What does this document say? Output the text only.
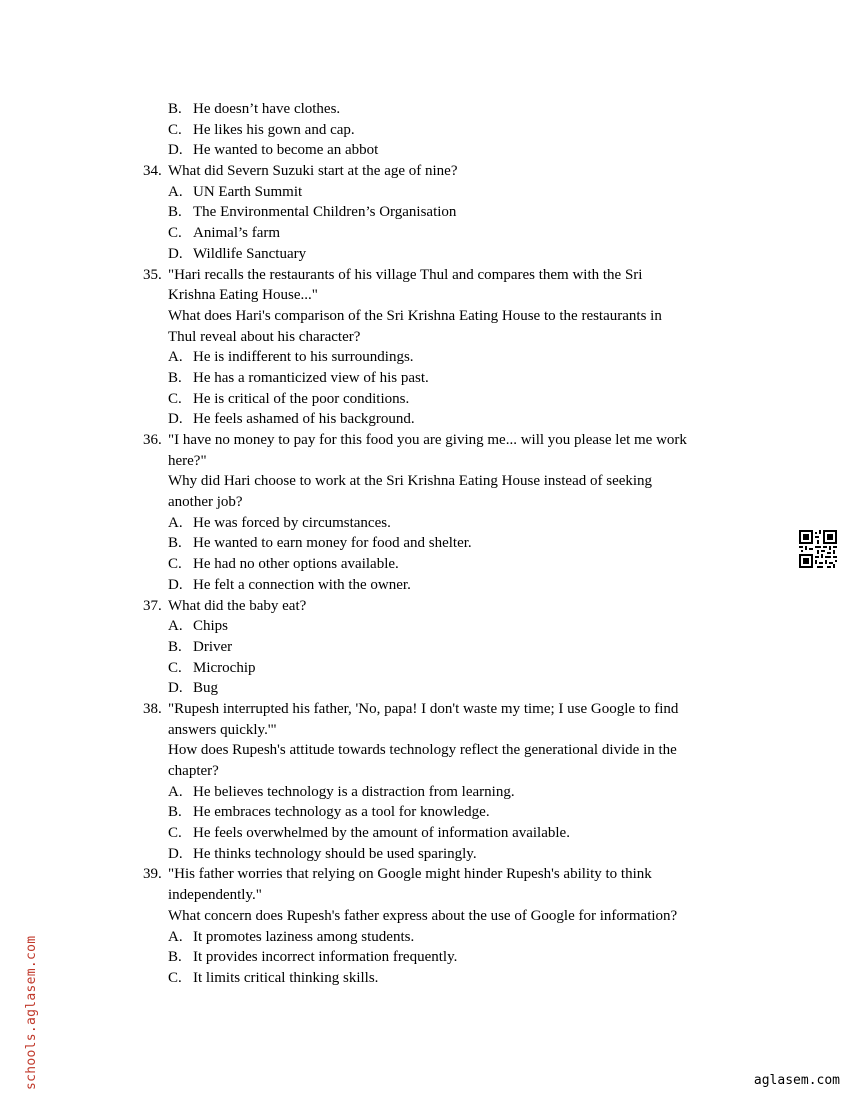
B. He doesn’t have clothes.
C. He likes his gown and cap.
D. He wanted to become an abbot
34. What did Severn Suzuki start at the age of nine?
A. UN Earth Summit
B. The Environmental Children’s Organisation
C. Animal’s farm
D. Wildlife Sanctuary
35. "Hari recalls the restaurants of his village Thul and compares them with the Sri
Krishna Eating House..."
What does Hari's comparison of the Sri Krishna Eating House to the restaurants in
Thul reveal about his character?
A. He is indifferent to his surroundings.
B. He has a romanticized view of his past.
C. He is critical of the poor conditions.
D. He feels ashamed of his background.
36. "I have no money to pay for this food you are giving me... will you please let me work
here?"
Why did Hari choose to work at the Sri Krishna Eating House instead of seeking
another job?
A. He was forced by circumstances.
B. He wanted to earn money for food and shelter.
C. He had no other options available.
D. He felt a connection with the owner.
37. What did the baby eat?
A. Chips
B. Driver
C. Microchip
D. Bug
38. "Rupesh interrupted his father, 'No, papa! I don't waste my time; I use Google to find
answers quickly.'"
How does Rupesh's attitude towards technology reflect the generational divide in the
chapter?
A. He believes technology is a distraction from learning.
B. He embraces technology as a tool for knowledge.
C. He feels overwhelmed by the amount of information available.
D. He thinks technology should be used sparingly.
39. "His father worries that relying on Google might hinder Rupesh's ability to think
independently."
What concern does Rupesh's father express about the use of Google for information?
A. It promotes laziness among students.
B. It provides incorrect information frequently.
C. It limits critical thinking skills.
schools.aglasem.com	aglasem.com
